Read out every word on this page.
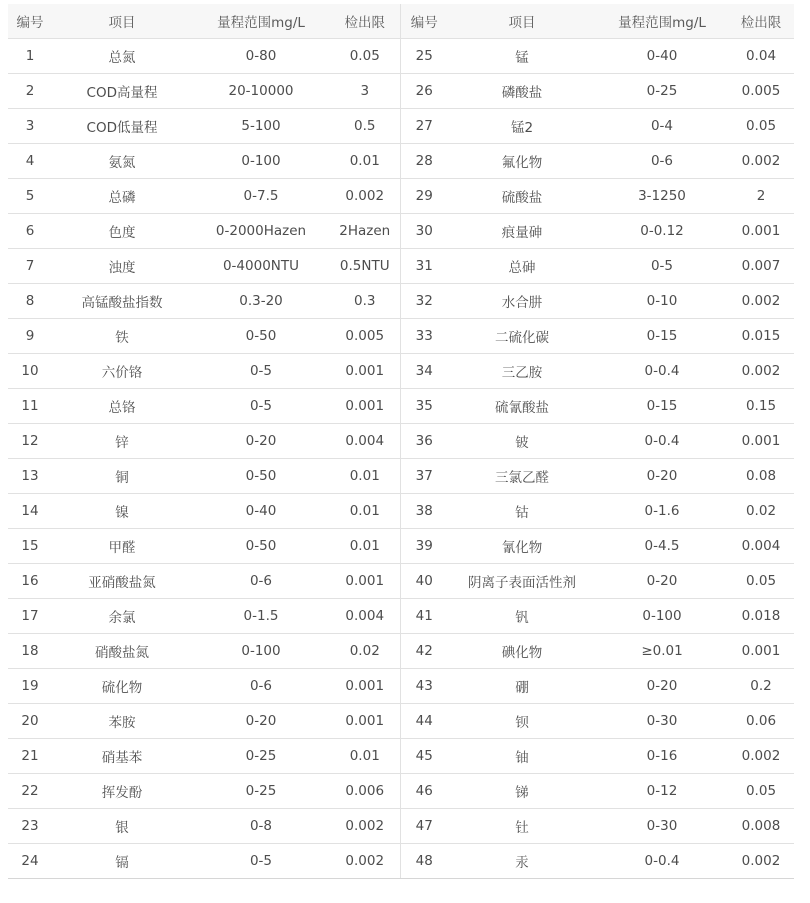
编号	项目	量程范围mg/L	检出限	编号	项目	量程范围mg/L	检出限
1	总氮	0-80	0.05	25	锰	0-40	0.04
2	COD高量程	20-10000	3	26	磷酸盐	0-25	0.005
3	COD低量程	5-100	0.5	27	锰2	0-4	0.05
4	氨氮	0-100	0.01	28	氟化物	0-6	0.002
5	总磷	0-7.5	0.002	29	硫酸盐	3-1250	2
6	色度	0-2000Hazen	2Hazen	30	痕量砷	0-0.12	0.001
7	浊度	0-4000NTU	0.5NTU	31	总砷	0-5	0.007
8	高锰酸盐指数	0.3-20	0.3	32	水合肼	0-10	0.002
9	铁	0-50	0.005	33	二硫化碳	0-15	0.015
10	六价铬	0-5	0.001	34	三乙胺	0-0.4	0.002
11	总铬	0-5	0.001	35	硫氰酸盐	0-15	0.15
12	锌	0-20	0.004	36	铍	0-0.4	0.001
13	铜	0-50	0.01	37	三氯乙醛	0-20	0.08
14	镍	0-40	0.01	38	钴	0-1.6	0.02
15	甲醛	0-50	0.01	39	氰化物	0-4.5	0.004
16	亚硝酸盐氮	0-6	0.001	40	阴离子表面活性剂	0-20	0.05
17	余氯	0-1.5	0.004	41	钒	0-100	0.018
18	硝酸盐氮	0-100	0.02	42	碘化物	≥0.01	0.001
19	硫化物	0-6	0.001	43	硼	0-20	0.2
20	苯胺	0-20	0.001	44	钡	0-30	0.06
21	硝基苯	0-25	0.01	45	铀	0-16	0.002
22	挥发酚	0-25	0.006	46	锑	0-12	0.05
23	银	0-8	0.002	47	钍	0-30	0.008
24	镉	0-5	0.002	48	汞	0-0.4	0.002
